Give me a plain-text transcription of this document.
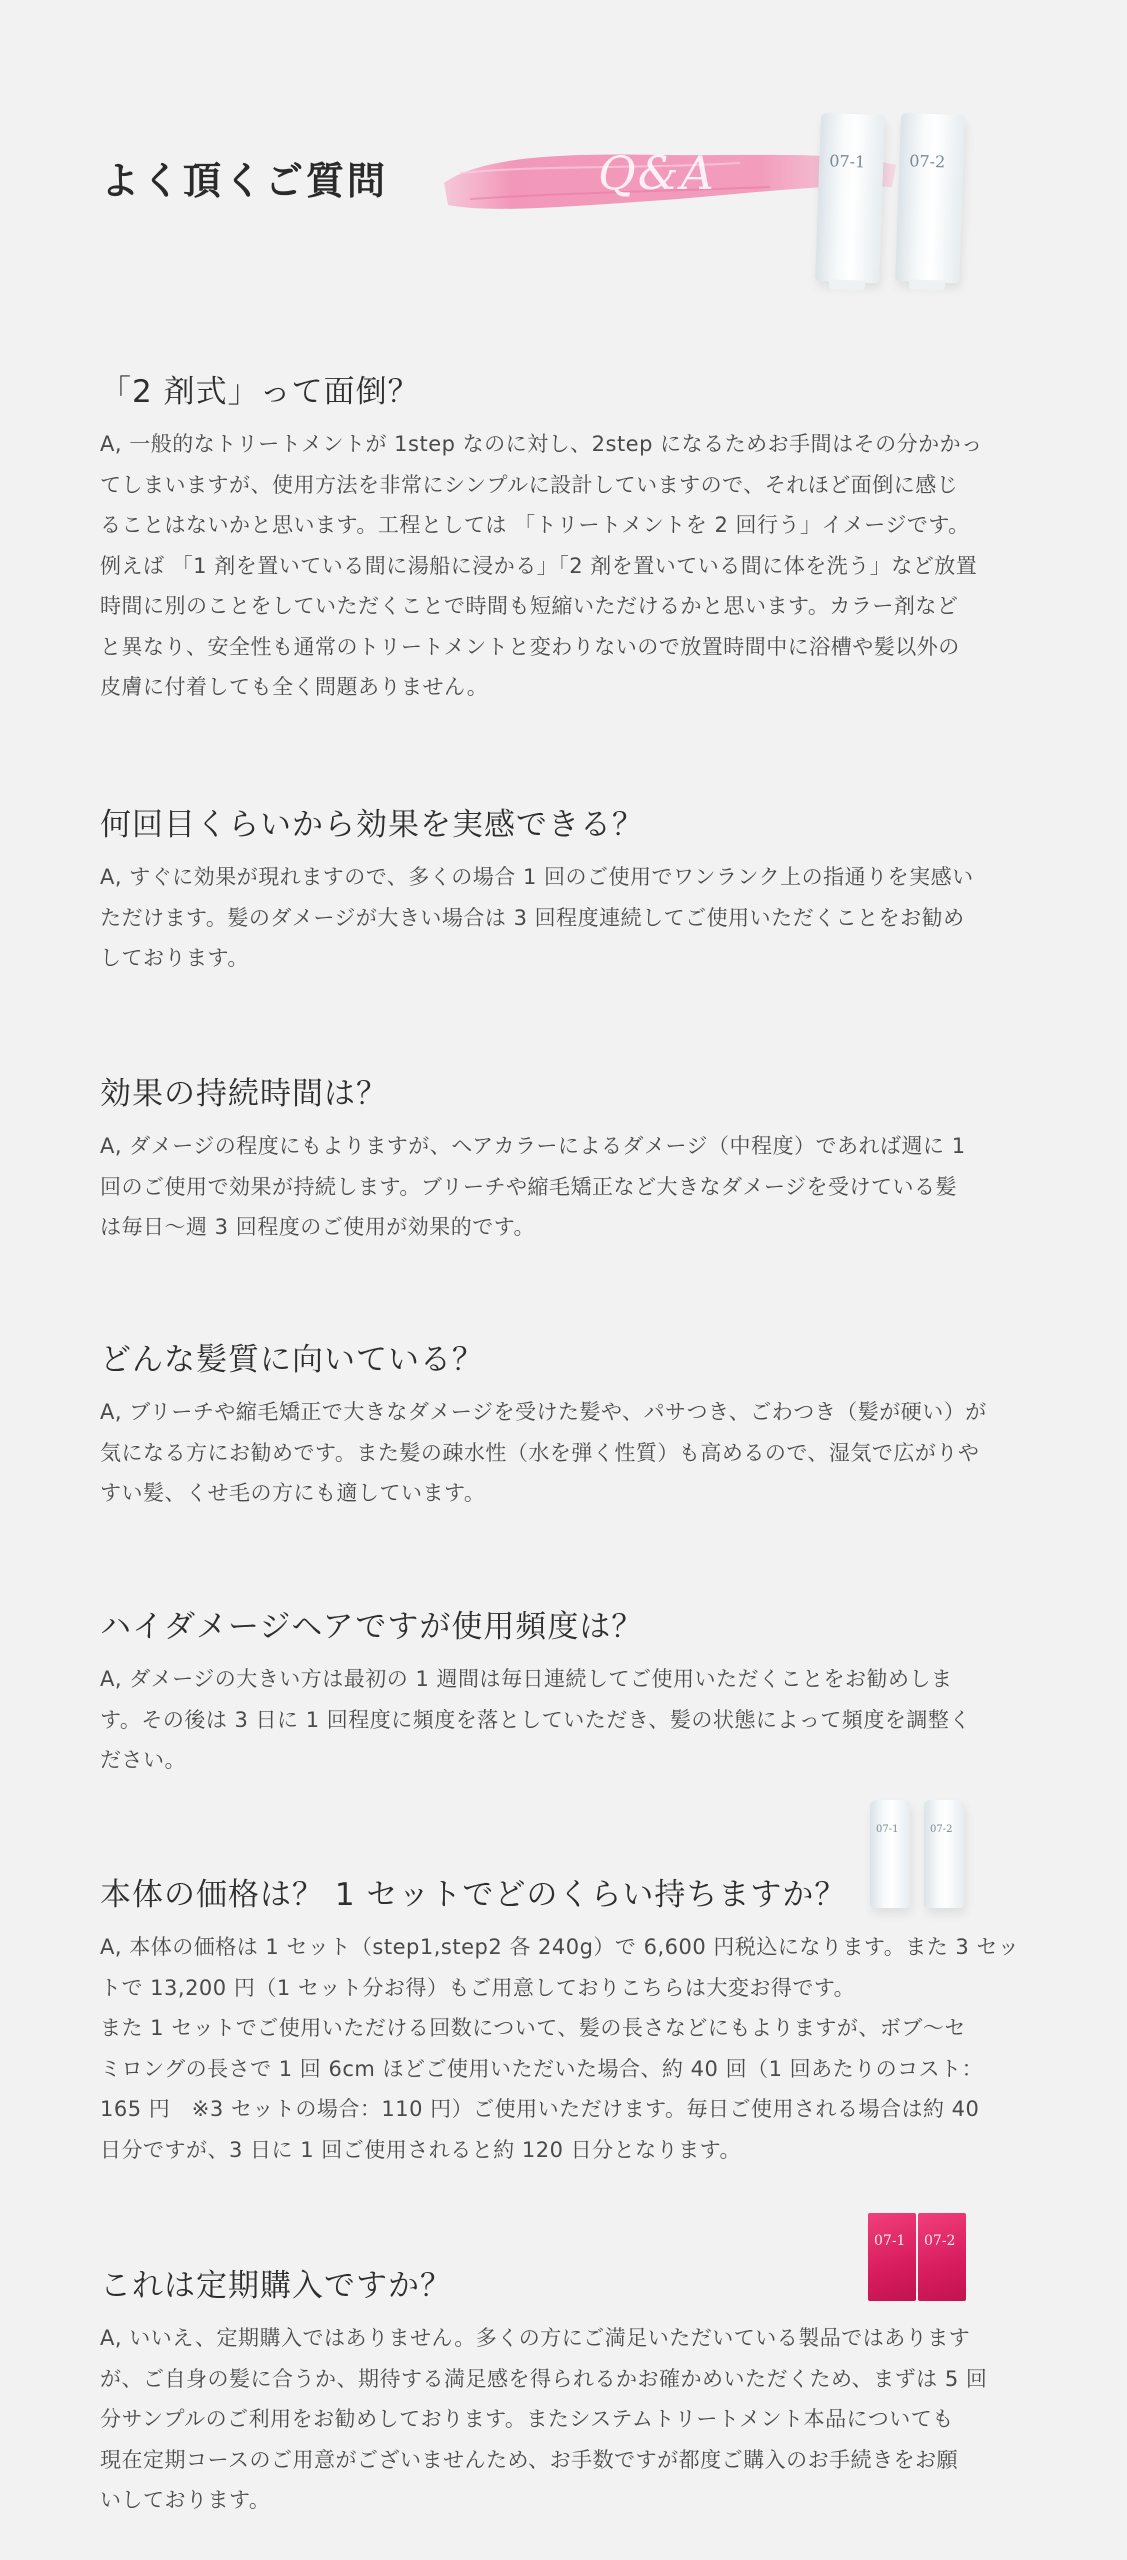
よく頂くご質問	Q&A	07-1	07-2
「2 剤式」って面倒？

A, 一般的なトリートメントが 1step なのに対し、2step になるためお手間はその分かかっ
てしまいますが、使用方法を非常にシンプルに設計していますので、それほど面倒に感じ
ることはないかと思います。工程としては 「トリートメントを 2 回行う」イメージです。
例えば 「1 剤を置いている間に湯船に浸かる」「2 剤を置いている間に体を洗う」など放置
時間に別のことをしていただくことで時間も短縮いただけるかと思います。カラー剤など
と異なり、安全性も通常のトリートメントと変わりないので放置時間中に浴槽や髪以外の
皮膚に付着しても全く問題ありません。

何回目くらいから効果を実感できる？

A, すぐに効果が現れますので、多くの場合 1 回のご使用でワンランク上の指通りを実感い
ただけます。髪のダメージが大きい場合は 3 回程度連続してご使用いただくことをお勧め
しております。

効果の持続時間は？

A, ダメージの程度にもよりますが、ヘアカラーによるダメージ（中程度）であれば週に 1
回のご使用で効果が持続します。ブリーチや縮毛矯正など大きなダメージを受けている髪
は毎日～週 3 回程度のご使用が効果的です。

どんな髪質に向いている？

A, ブリーチや縮毛矯正で大きなダメージを受けた髪や、パサつき、ごわつき（髪が硬い）が
気になる方にお勧めです。また髪の疎水性（水を弾く性質）も高めるので、湿気で広がりや
すい髪、くせ毛の方にも適しています。

ハイダメージヘアですが使用頻度は？

A, ダメージの大きい方は最初の 1 週間は毎日連続してご使用いただくことをお勧めしま
す。その後は 3 日に 1 回程度に頻度を落としていただき、髪の状態によって頻度を調整く
ださい。

07-1	07-2
本体の価格は？ 1 セットでどのくらい持ちますか？

A, 本体の価格は 1 セット（step1,step2 各 240g）で 6,600 円税込になります。また 3 セッ
トで 13,200 円（1 セット分お得）もご用意しておりこちらは大変お得です。
また 1 セットでご使用いただける回数について、髪の長さなどにもよりますが、ボブ～セ
ミロングの長さで 1 回 6cm ほどご使用いただいた場合、約 40 回（1 回あたりのコスト：
165 円　※3 セットの場合：110 円）ご使用いただけます。毎日ご使用される場合は約 40
日分ですが、3 日に 1 回ご使用されると約 120 日分となります。

07-1 07-2
これは定期購入ですか？

A, いいえ、定期購入ではありません。多くの方にご満足いただいている製品ではあります
が、ご自身の髪に合うか、期待する満足感を得られるかお確かめいただくため、まずは 5 回
分サンプルのご利用をお勧めしております。またシステムトリートメント本品についても
現在定期コースのご用意がございませんため、お手数ですが都度ご購入のお手続きをお願
いしております。
